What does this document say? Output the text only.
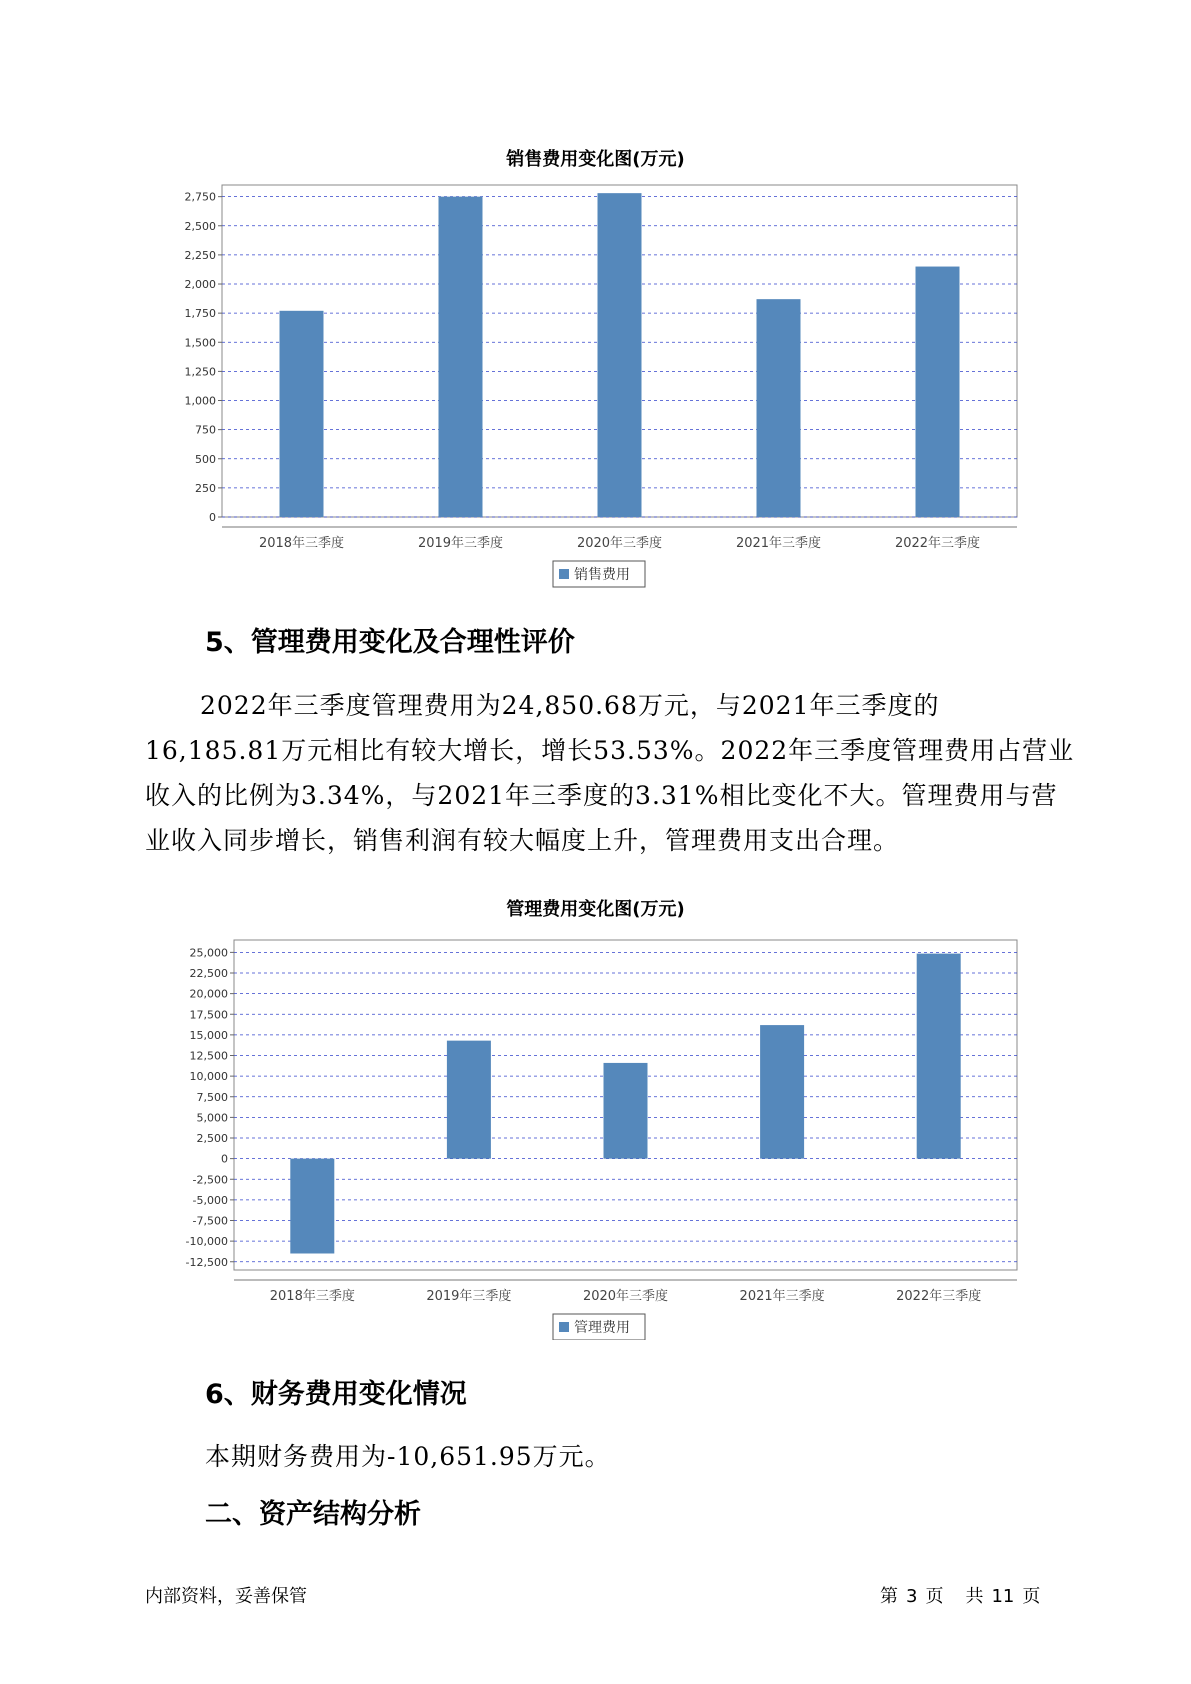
销售费用变化图(万元)
0
250
500
750
1,000
1,250
1,500
1,750
2,000
2,250
2,500
2,750
2018年三季度	2019年三季度	2020年三季度	2021年三季度	2022年三季度
销售费用
5、管理费用变化及合理性评价

2022年三季度管理费用为24,850.68万元，与2021年三季度的16,185.81万元相比有较大增长，增长53.53%。2022年三季度管理费用占营业收入的比例为3.34%，与2021年三季度的3.31%相比变化不大。管理费用与营业收入同步增长，销售利润有较大幅度上升，管理费用支出合理。

管理费用变化图(万元)
-12,500
-10,000
-7,500
-5,000
-2,500
0
2,500
5,000
7,500
10,000
12,500
15,000
17,500
20,000
22,500
25,000
2018年三季度	2019年三季度	2020年三季度	2021年三季度	2022年三季度
管理费用
6、财务费用变化情况
本期财务费用为-10,651.95万元。
二、资产结构分析
内部资料，妥善保管	第 3 页 共 11 页
